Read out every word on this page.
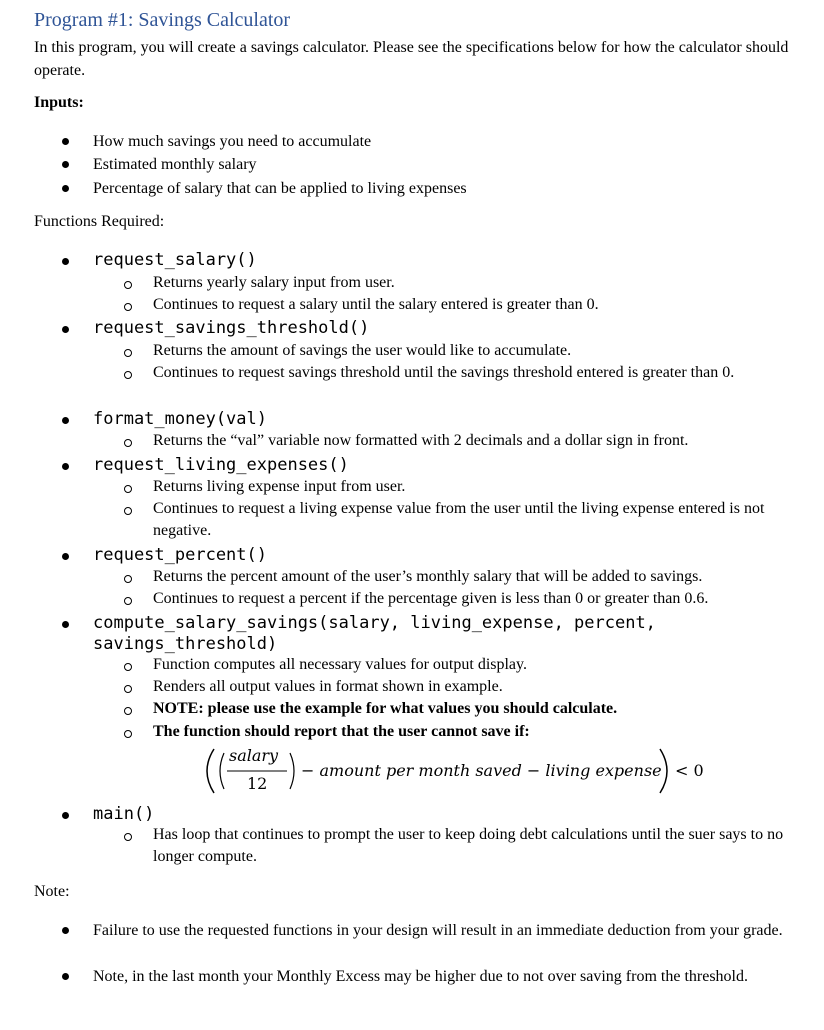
Program #1: Savings Calculator
In this program, you will create a savings calculator. Please see the specifications below for how the calculator should operate.
Inputs:
How much savings you need to accumulate
Estimated monthly salary
Percentage of salary that can be applied to living expenses
Functions Required:
request_salary()
Returns yearly salary input from user.
Continues to request a salary until the salary entered is greater than 0.
request_savings_threshold()
Returns the amount of savings the user would like to accumulate.
Continues to request savings threshold until the savings threshold entered is greater than 0.
format_money(val)
Returns the “val” variable now formatted with 2 decimals and a dollar sign in front.
request_living_expenses()
Returns living expense input from user.
Continues to request a living expense value from the user until the living expense entered is not negative.
request_percent()
Returns the percent amount of the user’s monthly salary that will be added to savings.
Continues to request a percent if the percentage given is less than 0 or greater than 0.6.
compute_salary_savings(salary, living_expense, percent,
savings_threshold)
Function computes all necessary values for output display.
Renders all output values in format shown in example.
NOTE: please use the example for what values you should calculate.
The function should report that the user cannot save if:
salary
12
− amount per month saved − living expense < 0
main()
Has loop that continues to prompt the user to keep doing debt calculations until the suer says to no longer compute.
Note:
Failure to use the requested functions in your design will result in an immediate deduction from your grade.
Note, in the last month your Monthly Excess may be higher due to not over saving from the threshold.
